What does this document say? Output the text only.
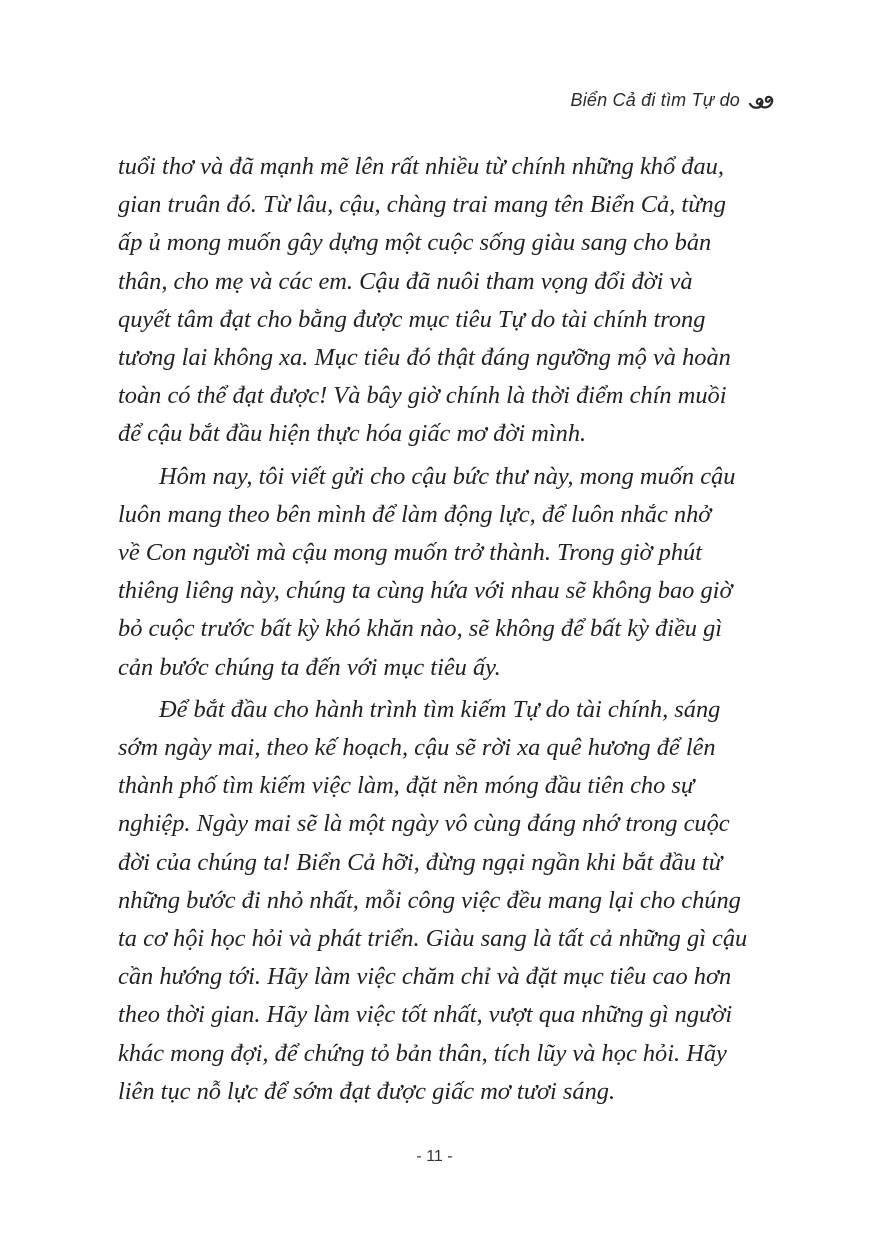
Biển Cả đi tìm Tự do

tuổi thơ và đã mạnh mẽ lên rất nhiều từ chính những khổ đau,
gian truân đó. Từ lâu, cậu, chàng trai mang tên Biển Cả, từng
ấp ủ mong muốn gây dựng một cuộc sống giàu sang cho bản
thân, cho mẹ và các em. Cậu đã nuôi tham vọng đổi đời và
quyết tâm đạt cho bằng được mục tiêu Tự do tài chính trong
tương lai không xa. Mục tiêu đó thật đáng ngưỡng mộ và hoàn
toàn có thể đạt được! Và bây giờ chính là thời điểm chín muồi
để cậu bắt đầu hiện thực hóa giấc mơ đời mình.

Hôm nay, tôi viết gửi cho cậu bức thư này, mong muốn cậu
luôn mang theo bên mình để làm động lực, để luôn nhắc nhở
về Con người mà cậu mong muốn trở thành. Trong giờ phút
thiêng liêng này, chúng ta cùng hứa với nhau sẽ không bao giờ
bỏ cuộc trước bất kỳ khó khăn nào, sẽ không để bất kỳ điều gì
cản bước chúng ta đến với mục tiêu ấy.

Để bắt đầu cho hành trình tìm kiếm Tự do tài chính, sáng
sớm ngày mai, theo kế hoạch, cậu sẽ rời xa quê hương để lên
thành phố tìm kiếm việc làm, đặt nền móng đầu tiên cho sự
nghiệp. Ngày mai sẽ là một ngày vô cùng đáng nhớ trong cuộc
đời của chúng ta! Biển Cả hỡi, đừng ngại ngần khi bắt đầu từ
những bước đi nhỏ nhất, mỗi công việc đều mang lại cho chúng
ta cơ hội học hỏi và phát triển. Giàu sang là tất cả những gì cậu
cần hướng tới. Hãy làm việc chăm chỉ và đặt mục tiêu cao hơn
theo thời gian. Hãy làm việc tốt nhất, vượt qua những gì người
khác mong đợi, để chứng tỏ bản thân, tích lũy và học hỏi. Hãy
liên tục nỗ lực để sớm đạt được giấc mơ tươi sáng.

- 11 -
